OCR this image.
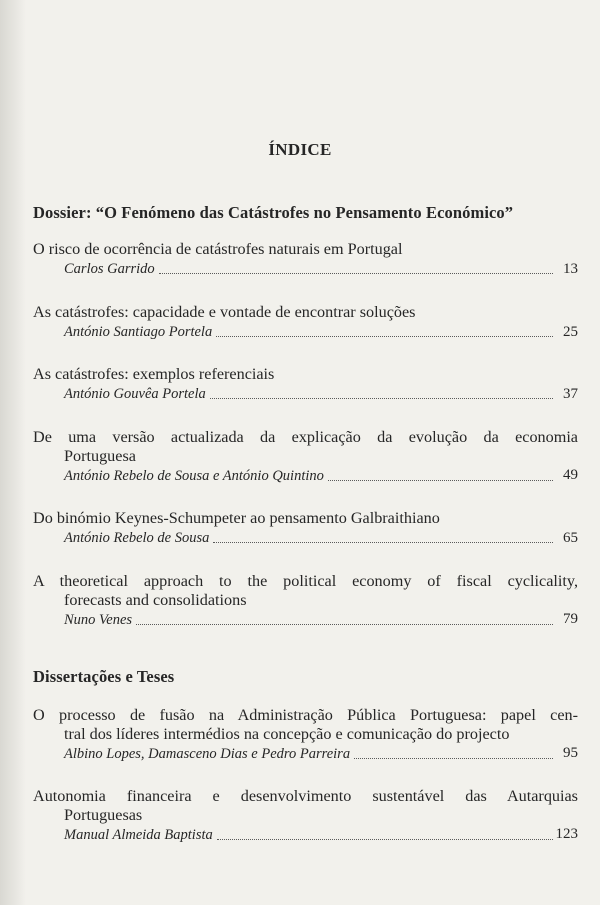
ÍNDICE
Dossier: “O Fenómeno das Catástrofes no Pensamento Económico”
O risco de ocorrência de catástrofes naturais em Portugal
Carlos Garrido	13
As catástrofes: capacidade e vontade de encontrar soluções
António Santiago Portela	25
As catástrofes: exemplos referenciais
António Gouvêa Portela	37
De uma versão actualizada da explicação da evolução da economia
Portuguesa
António Rebelo de Sousa e António Quintino	49
Do binómio Keynes-Schumpeter ao pensamento Galbraithiano
António Rebelo de Sousa	65
A theoretical approach to the political economy of fiscal cyclicality,
forecasts and consolidations
Nuno Venes	79
Dissertações e Teses
O processo de fusão na Administração Pública Portuguesa: papel cen-
tral dos líderes intermédios na concepção e comunicação do projecto
Albino Lopes, Damasceno Dias e Pedro Parreira	95
Autonomia financeira e desenvolvimento sustentável das Autarquias
Portuguesas
Manual Almeida Baptista	123
